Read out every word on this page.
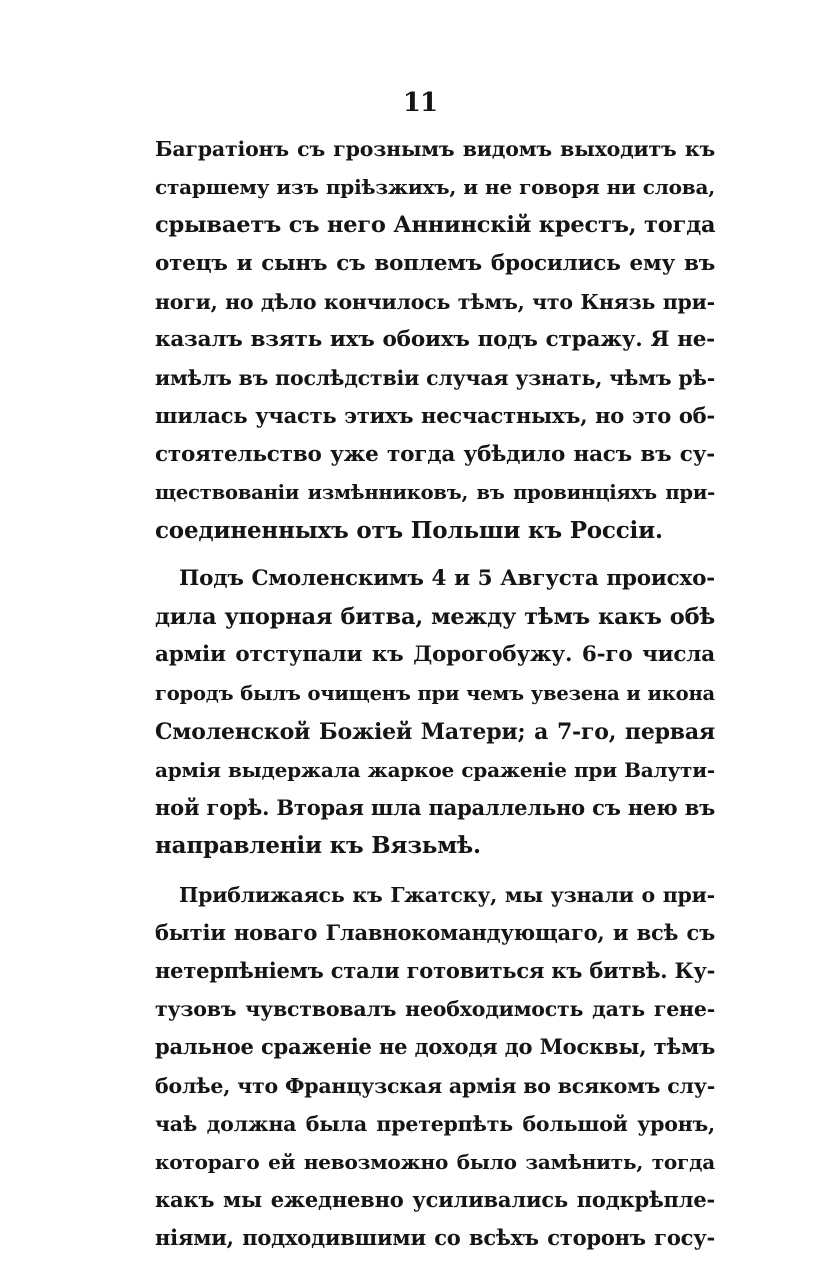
11
Багратіонъ съ грознымъ видомъ выходитъ къ
старшему изъ пріѣзжихъ, и не говоря ни слова,
срываетъ съ него Аннинскій крестъ, тогда
отецъ и сынъ съ воплемъ бросились ему въ
ноги, но дѣло кончилось тѣмъ, что Князь при-
казалъ взять ихъ обоихъ подъ стражу. Я не-
имѣлъ въ послѣдствіи случая узнать, чѣмъ рѣ-
шилась участь этихъ несчастныхъ, но это об-
стоятельство уже тогда убѣдило насъ въ су-
ществованіи измѣнниковъ, въ провинціяхъ при-
соединенныхъ отъ Польши къ Россіи.
Подъ Смоленскимъ 4 и 5 Августа происхо-
дила упорная битва, между тѣмъ какъ обѣ
арміи отступали къ Дорогобужу. 6-го числа
городъ былъ очищенъ при чемъ увезена и икона
Смоленской Божіей Матери; а 7-го, первая
армія выдержала жаркое сраженіе при Валути-
ной горѣ. Вторая шла параллельно съ нею въ
направленіи къ Вязьмѣ.
Приближаясь къ Гжатску, мы узнали о при-
бытіи новаго Главнокомандующаго, и всѣ съ
нетерпѣніемъ стали готовиться къ битвѣ. Ку-
тузовъ чувствовалъ необходимость дать гене-
ральное сраженіе не доходя до Москвы, тѣмъ
болѣе, что Французская армія во всякомъ слу-
чаѣ должна была претерпѣть большой уронъ,
котораго ей невозможно было замѣнить, тогда
какъ мы ежедневно усиливались подкрѣпле-
ніями, подходившими со всѣхъ сторонъ госу-
